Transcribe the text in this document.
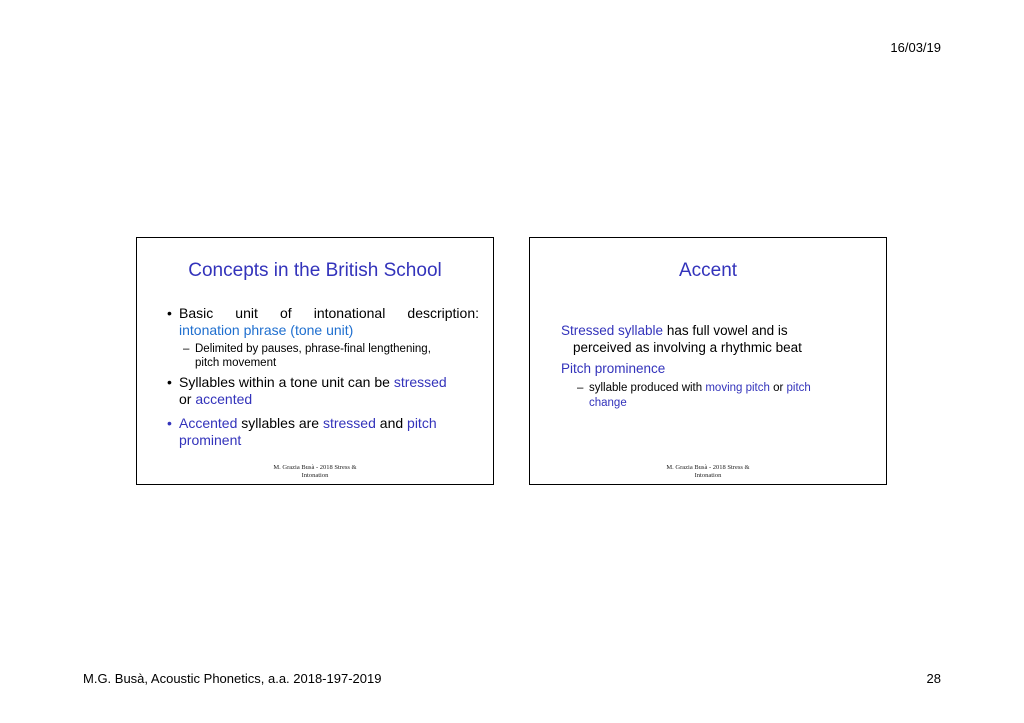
16/03/19
Concepts in the British School
• Basic unit of intonational description:
intonation phrase (tone unit)
– Delimited by pauses, phrase-final lengthening,
pitch movement
• Syllables within a tone unit can be stressed
or accented
• Accented syllables are stressed and pitch
prominent
M. Grazia Busà - 2018 Stress &
Intonation
Accent
Stressed syllable has full vowel and is
perceived as involving a rhythmic beat
Pitch prominence
– syllable produced with moving pitch or pitch
change
M. Grazia Busà - 2018 Stress &
Intonation
M.G. Busà, Acoustic Phonetics, a.a. 2018-197-2019	28
